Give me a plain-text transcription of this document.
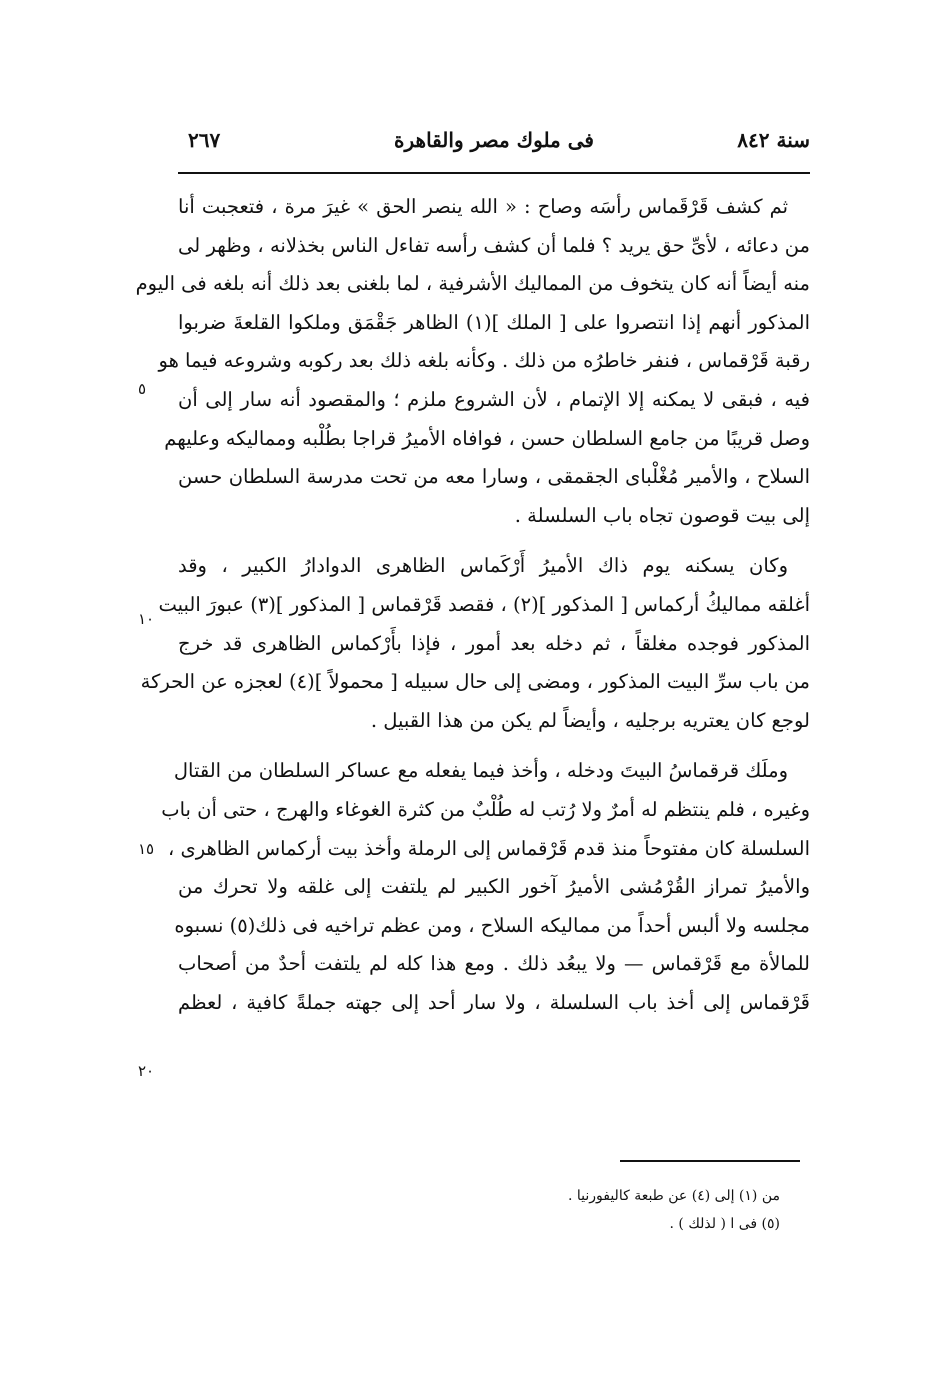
سنة ٨٤٢
فى ملوك مصر والقاهرة
٢٦٧
ثم كشف قَرْقَماس رأسَه وصاح : « الله ينصر الحق » غيرَ مرة ، فتعجبت أنا
من دعائه ، لأىِّ حق يريد ؟ فلما أن كشف رأسه تفاءل الناس بخذلانه ، وظهر لى
منه أيضاً أنه كان يتخوف من المماليك الأشرفية ، لما بلغنى بعد ذلك أنه بلغه فى اليوم
المذكور أنهم إذا انتصروا على [ الملك ](١) الظاهر جَقْمَق وملكوا القلعةَ ضربوا
رقبة قَرْقماس ، فنفر خاطرُه من ذلك . وكأنه بلغه ذلك بعد ركوبه وشروعه فيما هو
فيه ، فبقى لا يمكنه إلا الإتمام ، لأن الشروع ملزم ؛ والمقصود أنه سار إلى أن
وصل قريبًا من جامع السلطان حسن ، فوافاه الأميرُ قراجا بطُلْبه ومماليكه وعليهم
السلاح ، والأمير مُغْلْباى الجقمقى ، وسارا معه من تحت مدرسة السلطان حسن
إلى بيت قوصون تجاه باب السلسلة .
وكان يسكنه يوم ذاك الأميرُ أَرْكَماس الظاهرى الدوادارُ الكبير ، وقد
أغلقه مماليكُ أركماس [ المذكور ](٢) ، فقصد قَرْقماس [ المذكور ](٣) عبورَ البيت
المذكور فوجده مغلقاً ، ثم دخله بعد أمور ، فإذا بأَرْكماس الظاهرى قد خرج
من باب سرِّ البيت المذكور ، ومضى إلى حال سبيله [ محمولاً ](٤) لعجزه عن الحركة
لوجع كان يعتريه برجليه ، وأيضاً لم يكن من هذا القبيل .
وملَك قرقماسُ البيتَ ودخله ، وأخذ فيما يفعله مع عساكر السلطان من القتال
وغيره ، فلم ينتظم له أمرٌ ولا رُتب له طُلْبٌ من كثرة الغوغاء والهرج ، حتى أن باب
السلسلة كان مفتوحاً منذ قدم قَرْقماس إلى الرملة وأخذ بيت أركماس الظاهرى ،
والأميرُ تمراز القُرْمُشى الأميرُ آخور الكبير لم يلتفت إلى غلقه ولا تحرك من
مجلسه ولا ألبس أحداً من مماليكه السلاح ، ومن عظم تراخيه فى ذلك(٥) نسبوه
للمالأة مع قَرْقماس — ولا يبعُد ذلك . ومع هذا كله لم يلتفت أحدٌ من أصحاب
قَرْقماس إلى أخذ باب السلسلة ، ولا سار أحد إلى جهته جملةً كافية ، لعظم
٥
١٠
١٥
٢٠
من (١) إلى (٤) عن طبعة كاليفورنيا .
(٥) فى ا ( لذلك ) .
